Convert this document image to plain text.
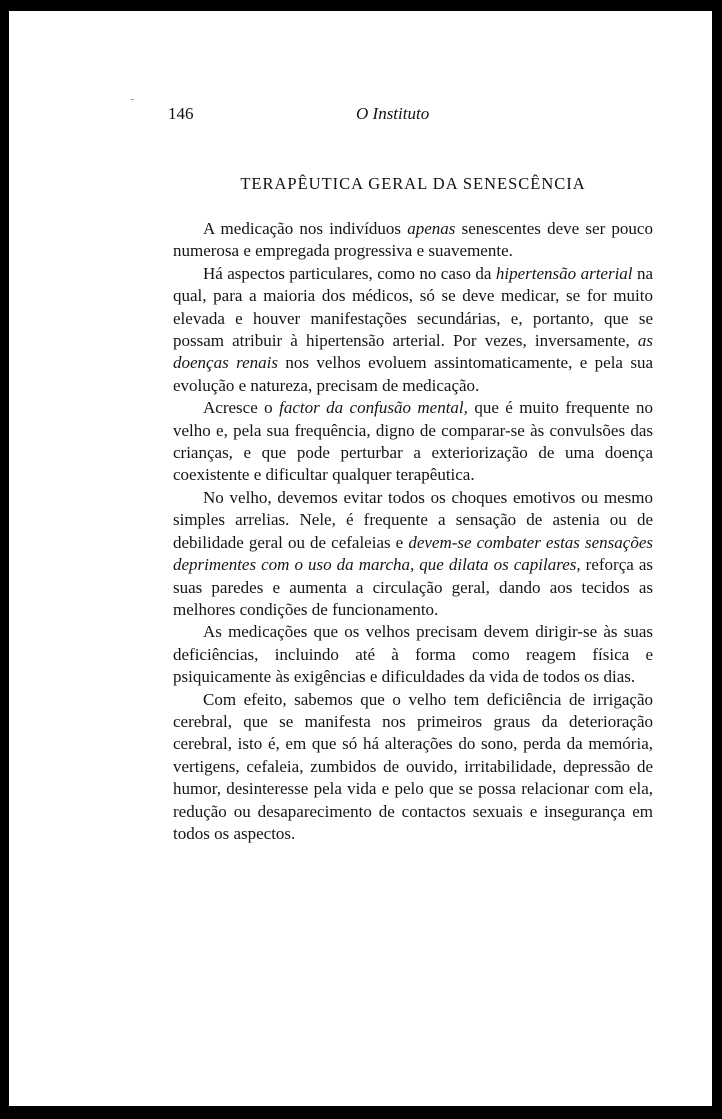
146	O Instituto
TERAPÊUTICA GERAL DA SENESCÊNCIA

A medicação nos indivíduos apenas senescentes deve ser pouco numerosa e empregada progressiva e suavemente.

Há aspectos particulares, como no caso da hipertensão arterial na qual, para a maioria dos médicos, só se deve medicar, se for muito elevada e houver manifestações secundárias, e, portanto, que se possam atribuir à hipertensão arterial. Por vezes, inversamente, as doenças renais nos velhos evoluem assintomaticamente, e pela sua evolução e natureza, precisam de medicação.

Acresce o factor da confusão mental, que é muito frequente no velho e, pela sua frequência, digno de comparar-se às convulsões das crianças, e que pode perturbar a exteriorização de uma doença coexistente e dificultar qualquer terapêutica.

No velho, devemos evitar todos os choques emotivos ou mesmo simples arrelias. Nele, é frequente a sensação de astenia ou de debilidade geral ou de cefaleias e devem-se combater estas sensações deprimentes com o uso da marcha, que dilata os capilares, reforça as suas paredes e aumenta a circulação geral, dando aos tecidos as melhores condições de funcionamento.

As medicações que os velhos precisam devem dirigir-se às suas deficiências, incluindo até à forma como reagem física e psiquicamente às exigências e dificuldades da vida de todos os dias.

Com efeito, sabemos que o velho tem deficiência de irrigação cerebral, que se manifesta nos primeiros graus da deterioração cerebral, isto é, em que só há alterações do sono, perda da memória, vertigens, cefaleia, zumbidos de ouvido, irritabilidade, depressão de humor, desinteresse pela vida e pelo que se possa relacionar com ela, redução ou desaparecimento de contactos sexuais e insegurança em todos os aspectos.
